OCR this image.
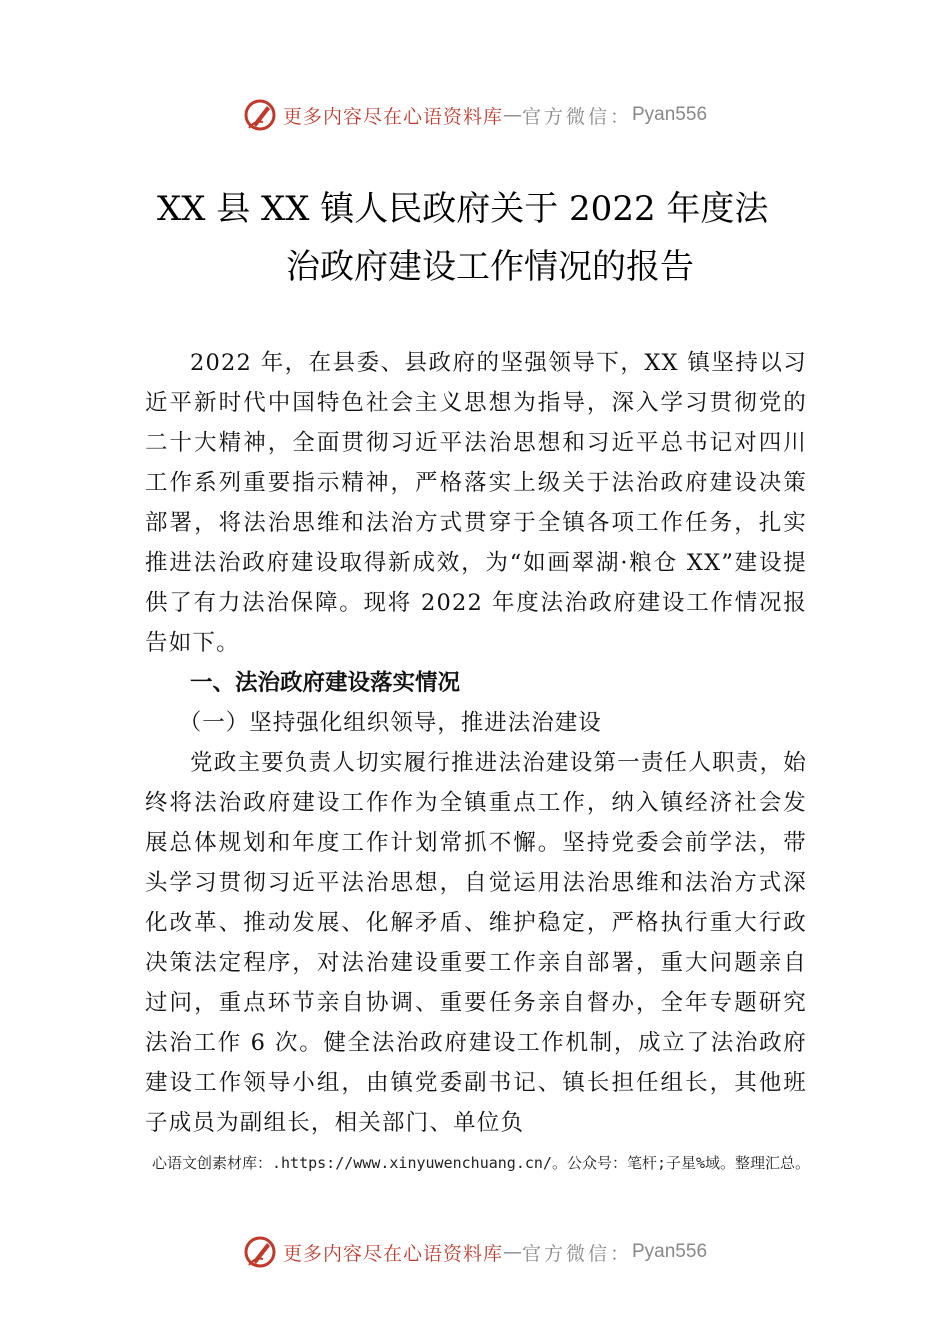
更多内容尽在心语资料库 — 官方微信： Pyan556
XX 县 XX 镇人民政府关于 2022 年度法
治政府建设工作情况的报告

2022 年，在县委、县政府的坚强领导下，XX 镇坚持以习近平新时代中国特色社会主义思想为指导，深入学习贯彻党的二十大精神，全面贯彻习近平法治思想和习近平总书记对四川工作系列重要指示精神，严格落实上级关于法治政府建设决策部署，将法治思维和法治方式贯穿于全镇各项工作任务，扎实推进法治政府建设取得新成效，为“如画翠湖·粮仓 XX”建设提供了有力法治保障。现将 2022 年度法治政府建设工作情况报告如下。

一、法治政府建设落实情况
（一）坚持强化组织领导，推进法治建设

党政主要负责人切实履行推进法治建设第一责任人职责，始终将法治政府建设工作作为全镇重点工作，纳入镇经济社会发展总体规划和年度工作计划常抓不懈。坚持党委会前学法，带头学习贯彻习近平法治思想，自觉运用法治思维和法治方式深化改革、推动发展、化解矛盾、维护稳定，严格执行重大行政决策法定程序，对法治建设重要工作亲自部署，重大问题亲自过问，重点环节亲自协调、重要任务亲自督办，全年专题研究法治工作 6 次。健全法治政府建设工作机制，成立了法治政府建设工作领导小组，由镇党委副书记、镇长担任组长，其他班子成员为副组长，相关部门、单位负

心语文创素材库：.https://www.xinyuwenchuang.cn/。公众号：笔杆;子星%域。整理汇总。
更多内容尽在心语资料库 — 官方微信： Pyan556
